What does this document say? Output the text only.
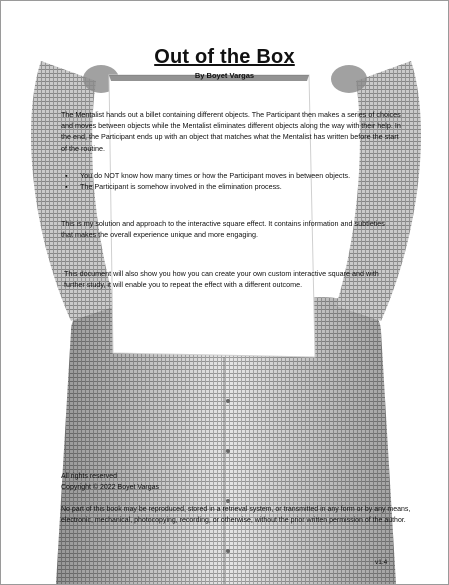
Out of the Box
By Boyet Vargas
The Mentalist hands out a billet containing different objects. The Participant then makes a series of choices and moves between objects while the Mentalist eliminates different objects along the way with their help. In the end, the Participant ends up with an object that matches what the Mentalist has written before the start of the routine.
▪ You do NOT know how many times or how the Participant moves in between objects.
▪ The Participant is somehow involved in the elimination process.
This is my solution and approach to the interactive square effect. It contains information and subtleties that makes the overall experience unique and more engaging.
This document will also show you how you can create your own custom interactive square and with further study, it will enable you to repeat the effect with a different outcome.
All rights reserved
Copyright © 2022 Boyet Vargas
No part of this book may be reproduced, stored in a retrieval system, or transmitted in any form or by any means, electronic, mechanical, photocopying, recording, or otherwise, without the prior written permission of the author.
v1.4
